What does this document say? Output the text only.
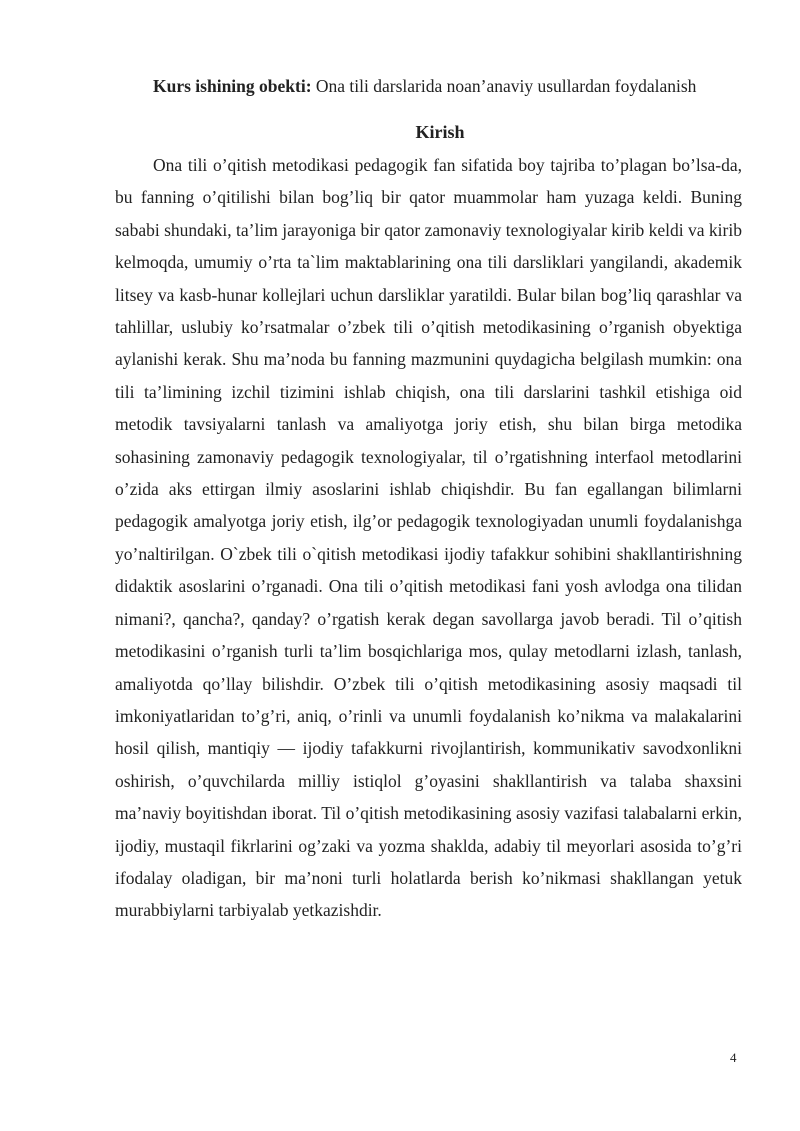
Kurs ishining obekti: Ona tili darslarida noan’anaviy usullardan foydalanish
Kirish

Ona tili o’qitish metodikasi pedagogik fan sifatida boy tajriba to’plagan bo’lsa-da, bu fanning o’qitilishi bilan bog’liq bir qator muammolar ham yuzaga keldi. Buning sababi shundaki, ta’lim jarayoniga bir qator zamonaviy texnologiyalar kirib keldi va kirib kelmoqda, umumiy o’rta ta`lim maktablarining ona tili darsliklari yangilandi, akademik litsey va kasb-hunar kollejlari uchun darsliklar yaratildi. Bular bilan bog’liq qarashlar va tahlillar, uslubiy ko’rsatmalar o’zbek tili o’qitish metodikasining o’rganish obyektiga aylanishi kerak. Shu ma’noda bu fanning mazmunini quydagicha belgilash mumkin: ona tili ta’limining izchil tizimini ishlab chiqish, ona tili darslarini tashkil etishiga oid metodik tavsiyalarni tanlash va amaliyotga joriy etish, shu bilan birga metodika sohasining zamonaviy pedagogik texnologiyalar, til o’rgatishning interfaol metodlarini o’zida aks ettirgan ilmiy asoslarini ishlab chiqishdir. Bu fan egallangan bilimlarni pedagogik amalyotga joriy etish, ilg’or pedagogik texnologiyadan unumli foydalanishga yo’naltirilgan. O`zbek tili o`qitish metodikasi ijodiy tafakkur sohibini shakllantirishning didaktik asoslarini o’rganadi. Ona tili o’qitish metodikasi fani yosh avlodga ona tilidan nimani?, qancha?, qanday? o’rgatish kerak degan savollarga javob beradi. Til o’qitish metodikasini o’rganish turli ta’lim bosqichlariga mos, qulay metodlarni izlash, tanlash, amaliyotda qo’llay bilishdir. O’zbek tili o’qitish metodikasining asosiy maqsadi til imkoniyatlaridan to’g’ri, aniq, o’rinli va unumli foydalanish ko’nikma va malakalarini hosil qilish, mantiqiy — ijodiy tafakkurni rivojlantirish, kommunikativ savodxonlikni oshirish, o’quvchilarda milliy istiqlol g’oyasini shakllantirish va talaba shaxsini ma’naviy boyitishdan iborat. Til o’qitish metodikasining asosiy vazifasi talabalarni erkin, ijodiy, mustaqil fikrlarini og’zaki va yozma shaklda, adabiy til meyorlari asosida to’g’ri ifodalay oladigan, bir ma’noni turli holatlarda berish ko’nikmasi shakllangan yetuk murabbiylarni tarbiyalab yetkazishdir.

4
